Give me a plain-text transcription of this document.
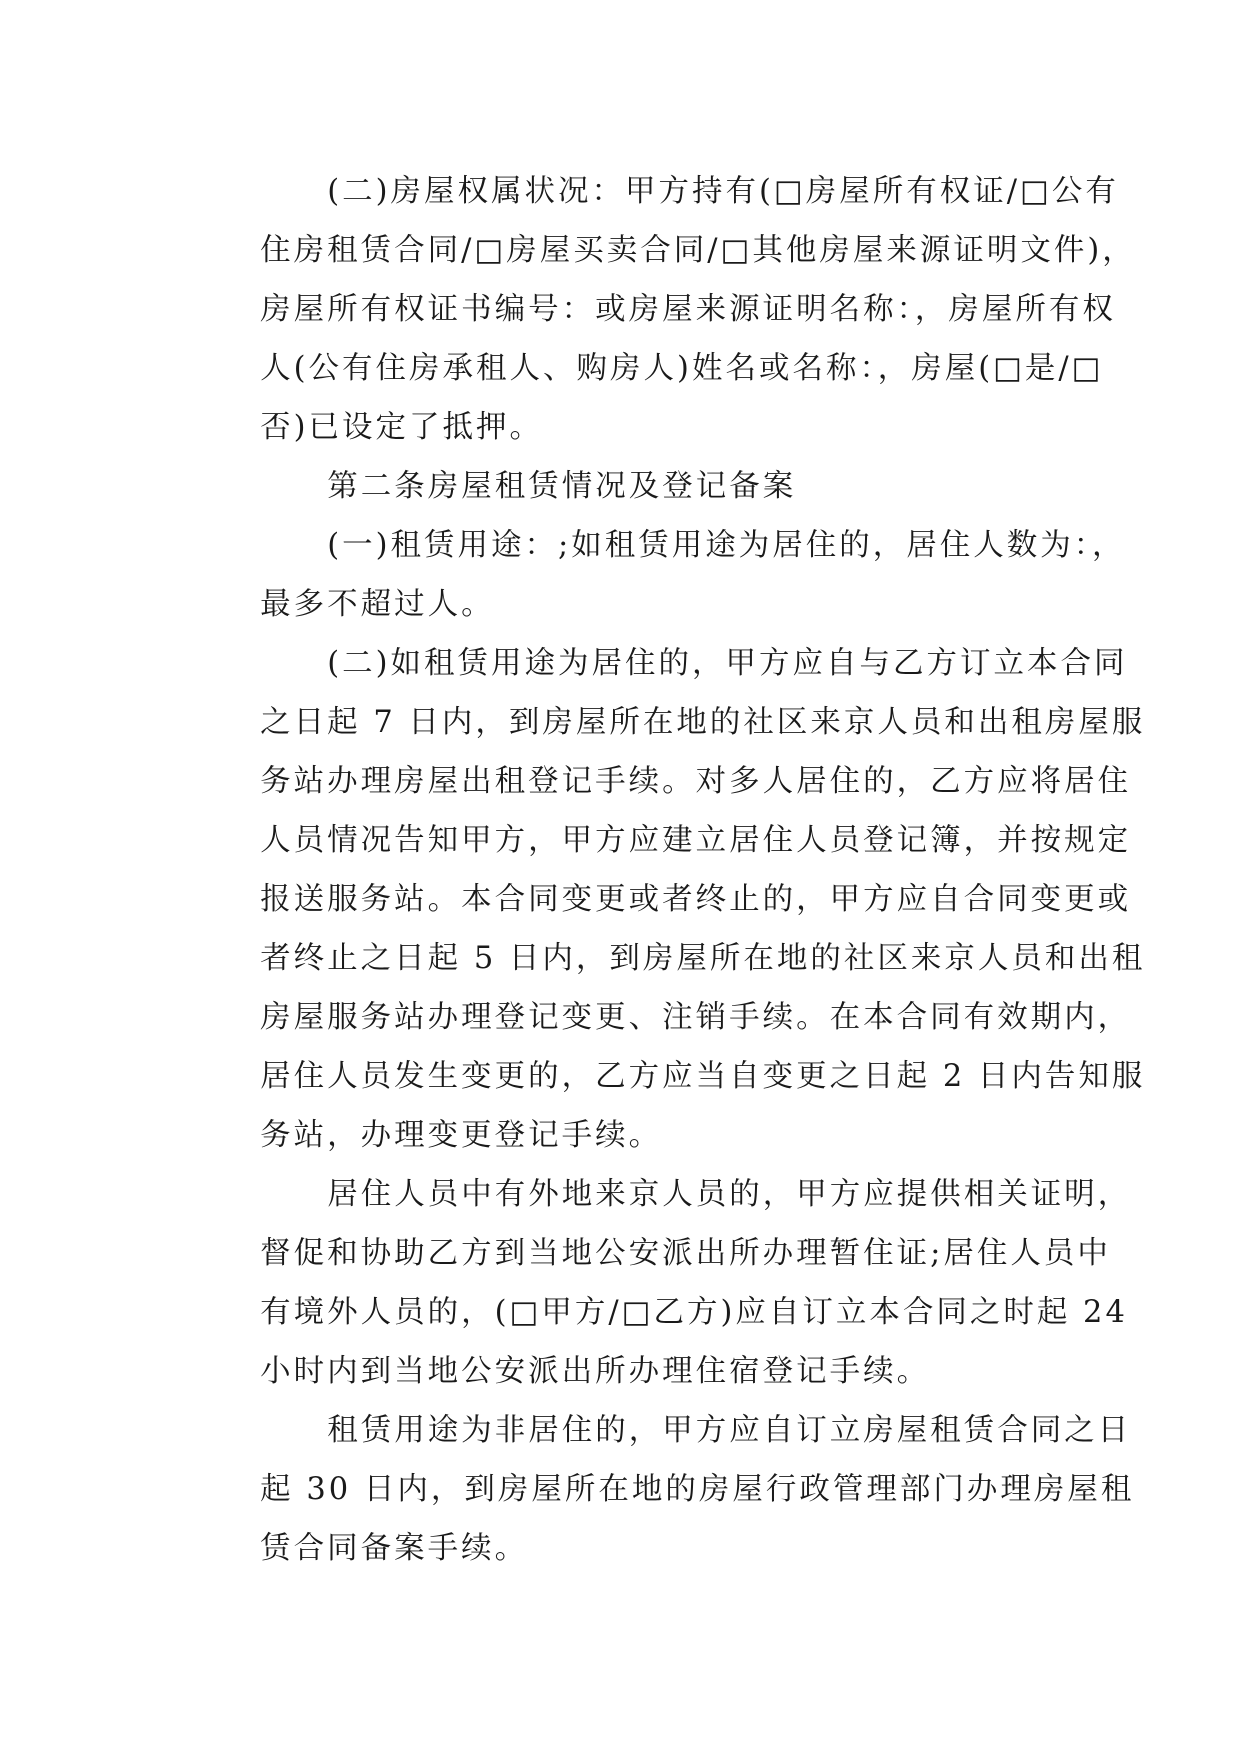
(二)房屋权属状况：甲方持有(□房屋所有权证/□公有
住房租赁合同/□房屋买卖合同/□其他房屋来源证明文件)，
房屋所有权证书编号：或房屋来源证明名称：，房屋所有权
人(公有住房承租人、购房人)姓名或名称：，房屋(□是/□
否)已设定了抵押。
第二条房屋租赁情况及登记备案
(一)租赁用途：;如租赁用途为居住的，居住人数为：，
最多不超过人。
(二)如租赁用途为居住的，甲方应自与乙方订立本合同
之日起 7 日内，到房屋所在地的社区来京人员和出租房屋服
务站办理房屋出租登记手续。对多人居住的，乙方应将居住
人员情况告知甲方，甲方应建立居住人员登记簿，并按规定
报送服务站。本合同变更或者终止的，甲方应自合同变更或
者终止之日起 5 日内，到房屋所在地的社区来京人员和出租
房屋服务站办理登记变更、注销手续。在本合同有效期内，
居住人员发生变更的，乙方应当自变更之日起 2 日内告知服
务站，办理变更登记手续。
居住人员中有外地来京人员的，甲方应提供相关证明，
督促和协助乙方到当地公安派出所办理暂住证;居住人员中
有境外人员的，(□甲方/□乙方)应自订立本合同之时起 24
小时内到当地公安派出所办理住宿登记手续。
租赁用途为非居住的，甲方应自订立房屋租赁合同之日
起 30 日内，到房屋所在地的房屋行政管理部门办理房屋租
赁合同备案手续。
